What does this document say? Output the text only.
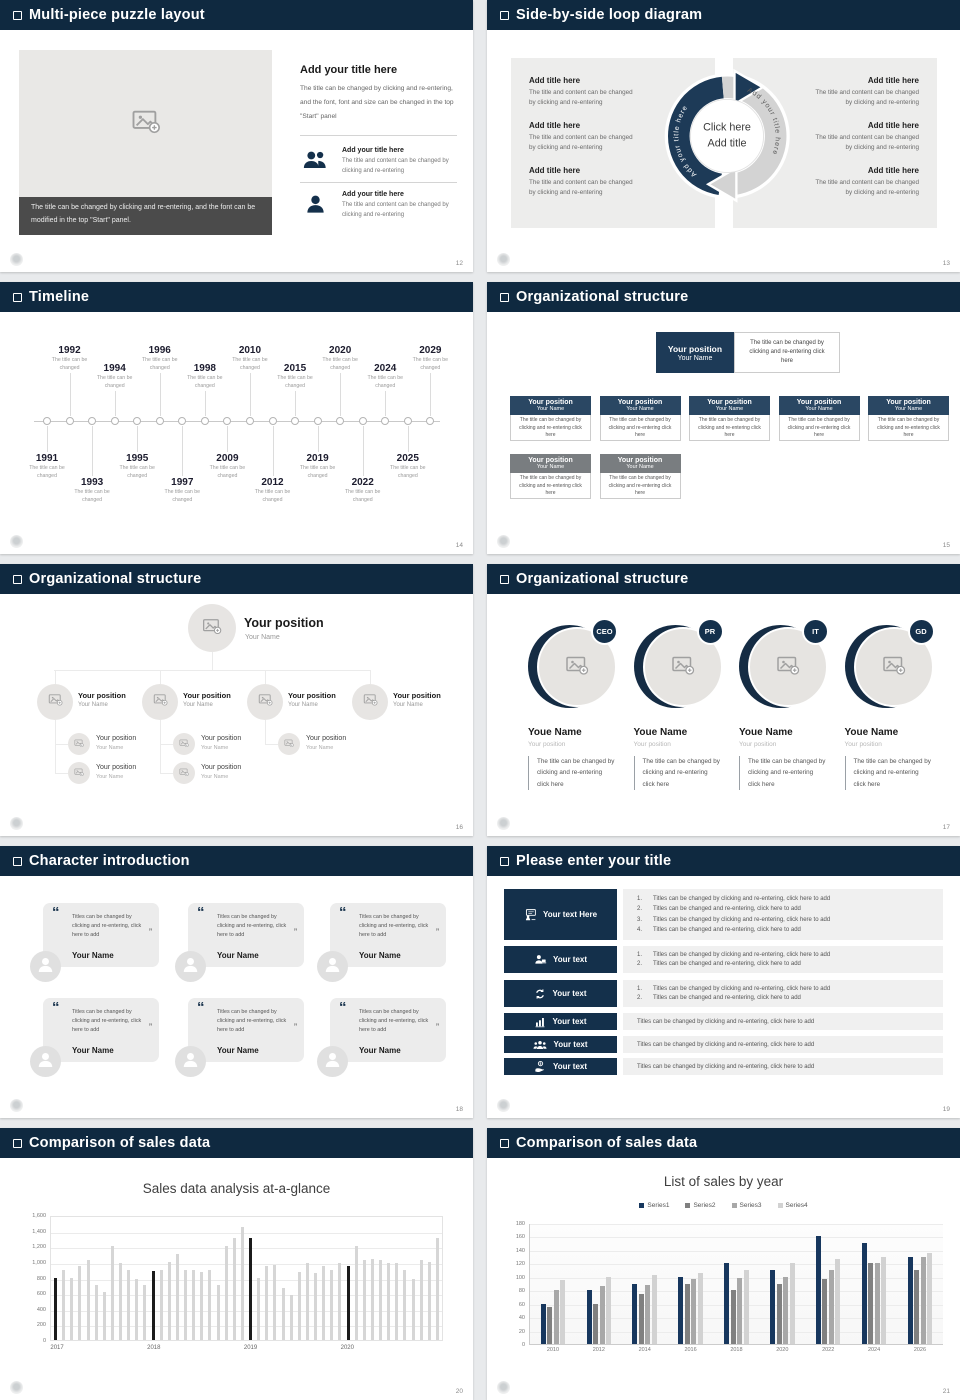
Multi-piece puzzle layout
The title can be changed by clicking and re-entering, and the font can be modified in the top "Start" panel.
Add your title here
The title can be changed by clicking and re-entering, and the font, font and size can be changed in the top "Start" panel
Add your title here
The title and content can be changed by clicking and re-entering
Add your title here
The title and content can be changed by clicking and re-entering
12
Side-by-side loop diagram
Add title here
The title and content can be changed by clicking and re-entering
Add title here
The title and content can be changed by clicking and re-entering
Add title here
The title and content can be changed by clicking and re-entering
Add title here
The title and content can be changed by clicking and re-entering
Add title here
The title and content can be changed by clicking and re-entering
Add title here
The title and content can be changed by clicking and re-entering
Click here
Add title
Add your title here
Add your title here
13
Timeline
14
1991
The title can be changed
1992
The title can be changed
1993
The title can be changed
1994
The title can be changed
1995
The title can be changed
1996
The title can be changed
1997
The title can be changed
1998
The title can be changed
2009
The title can be changed
2010
The title can be changed
2012
The title can be changed
2015
The title can be changed
2019
The title can be changed
2020
The title can be changed
2022
The title can be changed
2024
The title can be changed
2025
The title can be changed
2029
The title can be changed
Organizational structure
15
Your position
Your Name
The title can be changed by clicking and re-entering click here
Your position
Your Name
The title can be changed by clicking and re-entering click here
Your position
Your Name
The title can be changed by clicking and re-entering click here
Your position
Your Name
The title can be changed by clicking and re-entering click here
Your position
Your Name
The title can be changed by clicking and re-entering click here
Your position
Your Name
The title can be changed by clicking and re-entering click here
Your position
Your Name
The title can be changed by clicking and re-entering click here
Your position
Your Name
The title can be changed by clicking and re-entering click here
Organizational structure
16
Your position
Your Name
Your position
Your Name
Your position
Your Name
Your position
Your Name
Your position
Your Name
Your position
Your Name
Your position
Your Name
Your position
Your Name
Your position
Your Name
Your position
Your Name
Organizational structure
17
CEO
Youe Name
Your position
The title can be changed by clicking and re-entering click here
PR
Youe Name
Your position
The title can be changed by clicking and re-entering click here
IT
Youe Name
Your position
The title can be changed by clicking and re-entering click here
GD
Youe Name
Your position
The title can be changed by clicking and re-entering click here
Character introduction
18
“ Titles can be changed by clicking and re-entering, click here to add	”
Your Name
“ Titles can be changed by clicking and re-entering, click here to add	”
Your Name
“ Titles can be changed by clicking and re-entering, click here to add	”
Your Name
“ Titles can be changed by clicking and re-entering, click here to add	”
Your Name
“ Titles can be changed by clicking and re-entering, click here to add	”
Your Name
“ Titles can be changed by clicking and re-entering, click here to add	”
Your Name
Please enter your title
19
Your text Here
1.	Titles can be changed by clicking and re-entering, click here to add
2.	Titles can be changed and re-entering, click here to add
3.	Titles can be changed by clicking and re-entering, click here to add
4.	Titles can be changed and re-entering, click here to add
Your text
1.	Titles can be changed by clicking and re-entering, click here to add
2.	Titles can be changed and re-entering, click here to add
Your text
1.	Titles can be changed by clicking and re-entering, click here to add
2.	Titles can be changed and re-entering, click here to add
Your text	Titles can be changed by clicking and re-entering, click here to add
Your text	Titles can be changed by clicking and re-entering, click here to add
Your text	Titles can be changed by clicking and re-entering, click here to add
Comparison of sales data
Sales data analysis at-a-glance
20
0
200
400
600
800
1,000
1,200
1,400
1,600
2017	2018	2019	2020
Comparison of sales data
List of sales by year
21
Series1	Series2	Series3	Series4
2010	2012	2014	2016	2018	2020	2022	2024	2026
0
20
40
60
80
100
120
140
160
180
